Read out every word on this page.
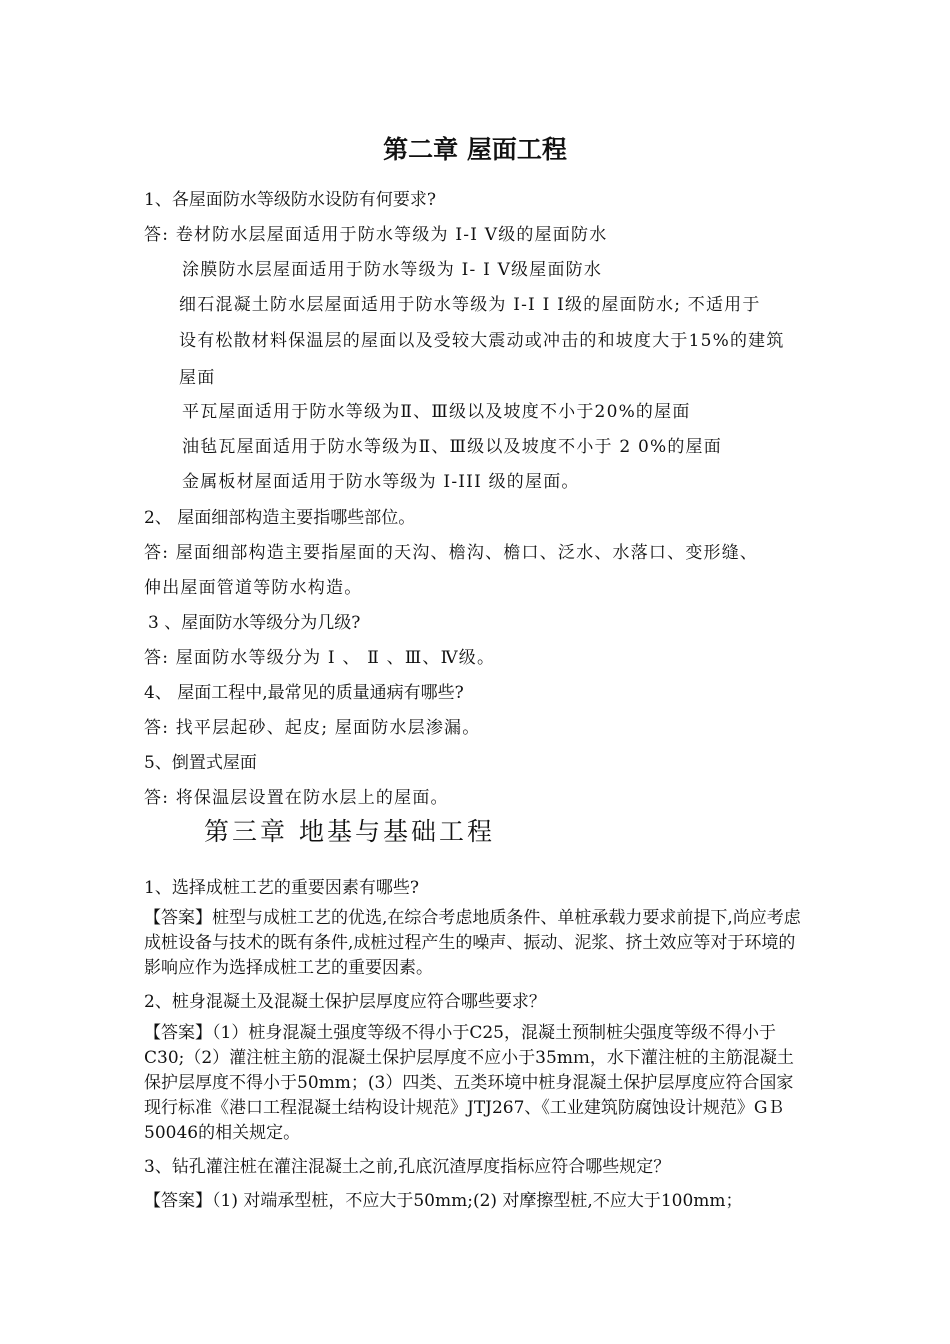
第二章 屋面工程
1、各屋面防水等级防水设防有何要求?
答: 卷材防水层屋面适用于防水等级为 I-I Ⅴ级的屋面防水
涂膜防水层屋面适用于防水等级为 I- I Ⅴ级屋面防水
细石混凝土防水层屋面适用于防水等级为 I-I I I级的屋面防水; 不适用于
设有松散材料保温层的屋面以及受较大震动或冲击的和坡度大于15%的建筑
屋面
平瓦屋面适用于防水等级为Ⅱ、Ⅲ级以及坡度不小于20%的屋面
油毡瓦屋面适用于防水等级为Ⅱ、Ⅲ级以及坡度不小于 2 0%的屋面
金属板材屋面适用于防水等级为 I-III 级的屋面。
2、 屋面细部构造主要指哪些部位。
答: 屋面细部构造主要指屋面的天沟、檐沟、檐口、泛水、水落口、变形缝、
伸出屋面管道等防水构造。
3 、屋面防水等级分为几级?
答: 屋面防水等级分为 Ⅰ 、 Ⅱ 、Ⅲ、Ⅳ级。
4、 屋面工程中,最常见的质量通病有哪些?
答: 找平层起砂、起皮; 屋面防水层渗漏。
5、倒置式屋面
答: 将保温层设置在防水层上的屋面。
第三章 地基与基础工程
1、选择成桩工艺的重要因素有哪些?
【答案】桩型与成桩工艺的优选,在综合考虑地质条件、单桩承载力要求前提下,尚应考虑成桩设备与技术的既有条件,成桩过程产生的噪声、振动、泥浆、挤土效应等对于环境的影响应作为选择成桩工艺的重要因素。
2、桩身混凝土及混凝土保护层厚度应符合哪些要求？
【答案】（1）桩身混凝土强度等级不得小于C25，混凝土预制桩尖强度等级不得小于C30;（2）灌注桩主筋的混凝土保护层厚度不应小于35mｍ，水下灌注桩的主筋混凝土保护层厚度不得小于50mm；(3）四类、五类环境中桩身混凝土保护层厚度应符合国家现行标准《港口工程混凝土结构设计规范》JTJ267、《工业建筑防腐蚀设计规范》GＢ50046的相关规定。
3、钻孔灌注桩在灌注混凝土之前,孔底沉渣厚度指标应符合哪些规定？
【答案】（1) 对端承型桩，不应大于50mm;(2) 对摩擦型桩,不应大于100mm；
